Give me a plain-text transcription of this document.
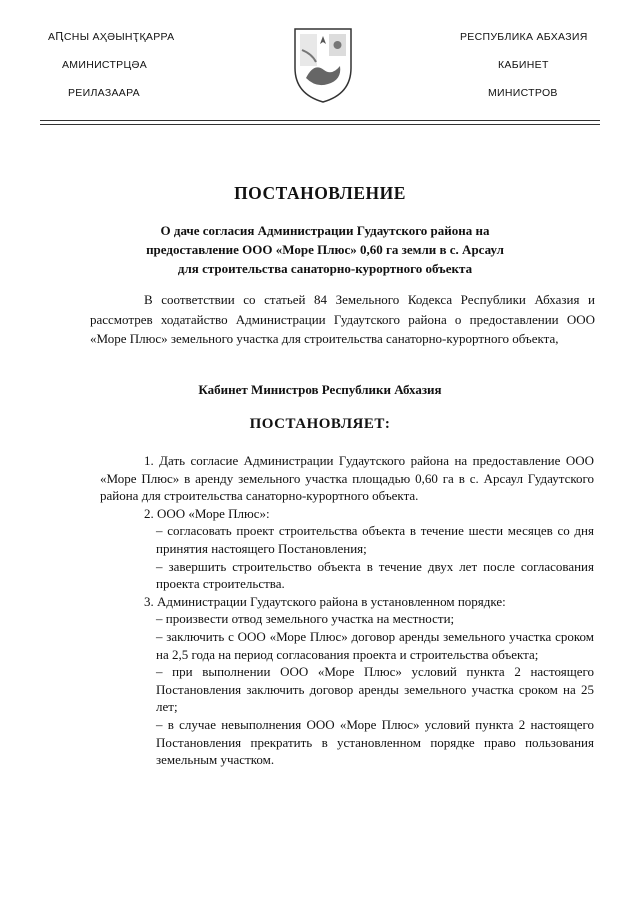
АԤСНЫ АҲӘЫНҬҚАРРА
АМИНИСТРЦӘА
РЕИЛАЗААРА
РЕСПУБЛИКА АБХАЗИЯ
КАБИНЕТ
МИНИСТРОВ
ПОСТАНОВЛЕНИЕ
О даче согласия Администрации Гудаутского района на
предоставление ООО «Море Плюс» 0,60 га земли в с. Арсаул
для строительства санаторно-курортного объекта
В соответствии со статьей 84 Земельного Кодекса Республики Абхазия и рассмотрев ходатайство Администрации Гудаутского района о предоставлении ООО «Море Плюс» земельного участка для строительства санаторно-курортного объекта,
Кабинет Министров Республики Абхазия
ПОСТАНОВЛЯЕТ:
1. Дать согласие Администрации Гудаутского района на предоставление ООО «Море Плюс» в аренду земельного участка площадью 0,60 га в с. Арсаул Гудаутского района для строительства санаторно-курортного объекта.
2. ООО «Море Плюс»:
– согласовать проект строительства объекта в течение шести месяцев со дня принятия настоящего Постановления;
– завершить строительство объекта в течение двух лет после согласования проекта строительства.
3. Администрации Гудаутского района в установленном порядке:
– произвести отвод земельного участка на местности;
– заключить с ООО «Море Плюс» договор аренды земельного участка сроком на 2,5 года на период согласования проекта и строительства объекта;
– при выполнении ООО «Море Плюс» условий пункта 2 настоящего Постановления заключить договор аренды земельного участка сроком на 25 лет;
– в случае невыполнения ООО «Море Плюс» условий пункта 2 настоящего Постановления прекратить в установленном порядке право пользования земельным участком.
